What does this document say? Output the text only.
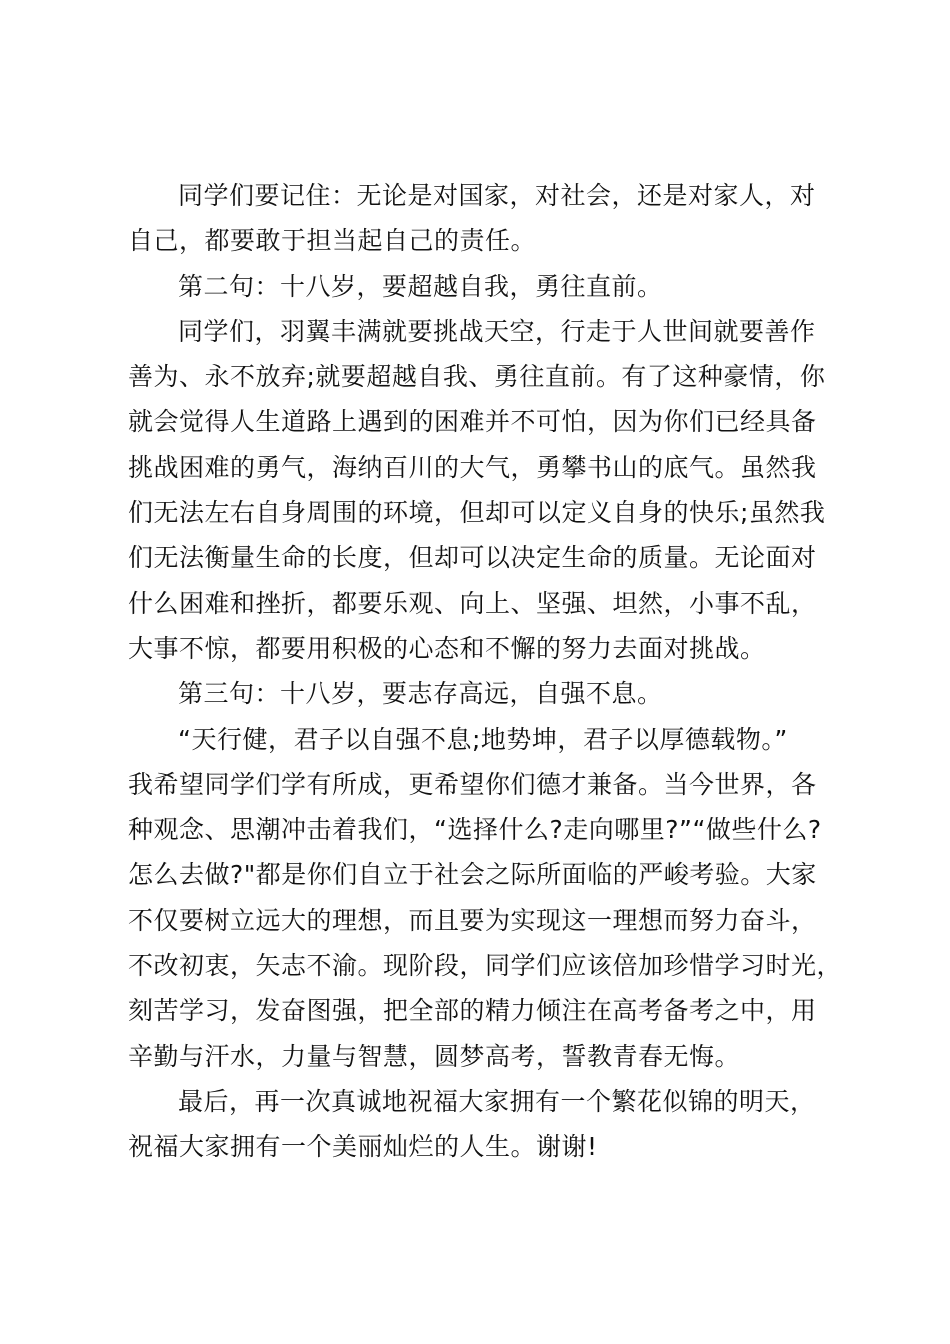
同学们要记住：无论是对国家，对社会，还是对家人，对
自己，都要敢于担当起自己的责任。
第二句：十八岁，要超越自我，勇往直前。
同学们，羽翼丰满就要挑战天空，行走于人世间就要善作
善为、永不放弃;就要超越自我、勇往直前。有了这种豪情，你
就会觉得人生道路上遇到的困难并不可怕，因为你们已经具备
挑战困难的勇气，海纳百川的大气，勇攀书山的底气。虽然我
们无法左右自身周围的环境，但却可以定义自身的快乐;虽然我
们无法衡量生命的长度，但却可以决定生命的质量。无论面对
什么困难和挫折，都要乐观、向上、坚强、坦然，小事不乱，
大事不惊，都要用积极的心态和不懈的努力去面对挑战。
第三句：十八岁，要志存高远，自强不息。
“天行健，君子以自强不息;地势坤，君子以厚德载物。”
我希望同学们学有所成，更希望你们德才兼备。当今世界，各
种观念、思潮冲击着我们，“选择什么?走向哪里?”“做些什么?
怎么去做?"都是你们自立于社会之际所面临的严峻考验。大家
不仅要树立远大的理想，而且要为实现这一理想而努力奋斗，
不改初衷，矢志不渝。现阶段，同学们应该倍加珍惜学习时光，
刻苦学习，发奋图强，把全部的精力倾注在高考备考之中，用
辛勤与汗水，力量与智慧，圆梦高考，誓教青春无悔。
最后，再一次真诚地祝福大家拥有一个繁花似锦的明天，
祝福大家拥有一个美丽灿烂的人生。谢谢!
